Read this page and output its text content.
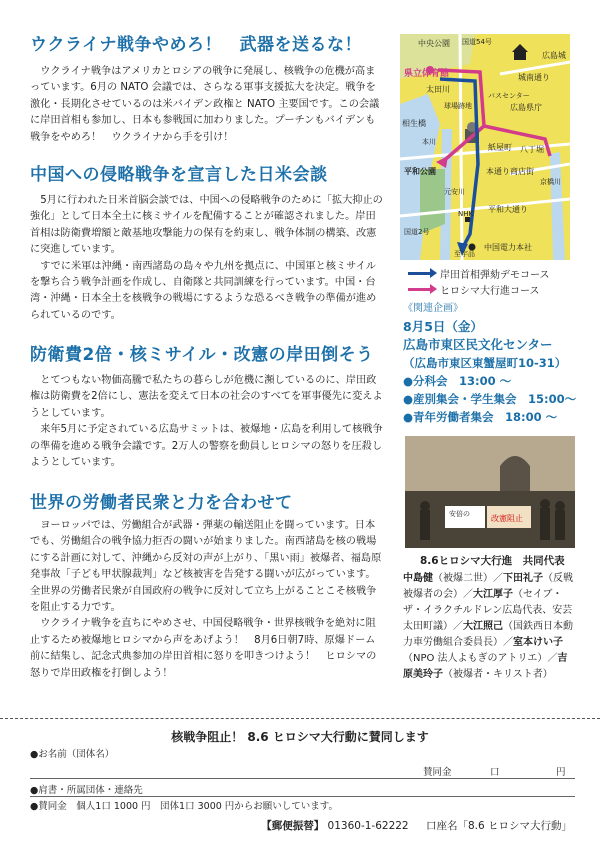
ウクライナ戦争やめろ！　武器を送るな！

ウクライナ戦争はアメリカとロシアの戦争に発展し、核戦争の危機が高まっています。6月の NATO 会議では、さらなる軍事支援拡大を決定。戦争を激化・長期化させているのは米バイデン政権と NATO 主要国です。この会議に岸田首相も参加し、日本も参戦国に加わりました。プーチンもバイデンも戦争をやめろ！　ウクライナから手を引け！

中国への侵略戦争を宣言した日米会談

5月に行われた日米首脳会談では、中国への侵略戦争のために「拡大抑止の強化」として日本全土に核ミサイルを配備することが確認されました。岸田首相は防衛費増額と敵基地攻撃能力の保有を約束し、戦争体制の構築、改憲に突進しています。

すでに米軍は沖縄・南西諸島の島々や九州を拠点に、中国軍と核ミサイルを撃ち合う戦争計画を作成し、自衛隊と共同訓練を行っています。中国・台湾・沖縄・日本全土を核戦争の戦場にするような恐るべき戦争の準備が進められているのです。

防衛費2倍・核ミサイル・改憲の岸田倒そう

とてつもない物価高騰で私たちの暮らしが危機に瀕しているのに、岸田政権は防衛費を2倍にし、憲法を変えて日本の社会のすべてを軍事優先に変えようとしています。

来年5月に予定されている広島サミットは、被爆地・広島を利用して核戦争の準備を進める戦争会議です。2万人の警察を動員しヒロシマの怒りを圧殺しようとしています。

世界の労働者民衆と力を合わせて

ヨーロッパでは、労働組合が武器・弾薬の輸送阻止を闘っています。日本でも、労働組合の戦争協力拒否の闘いが始まりました。南西諸島を核の戦場にする計画に対して、沖縄から反対の声が上がり、「黒い雨」被爆者、福島原発事故「子ども甲状腺裁判」など核被害を告発する闘いが広がっています。全世界の労働者民衆が自国政府の戦争に反対して立ち上がることこそ核戦争を阻止する力です。

ウクライナ戦争を直ちにやめさせ、中国侵略戦争・世界核戦争を絶対に阻止するため被爆地ヒロシマから声をあげよう！　8月6日朝7時、原爆ドーム前に結集し、記念式典参加の岸田首相に怒りを叩きつけよう！　ヒロシマの怒りで岸田政権を打倒しよう！

中央公園
広島城
城南通り
県立体育館
太田川
広島県庁
相生橋
八丁堀
紙屋町
平和公園	本通り商店街
NHK 平和大通り
中国電力本社
至宇品
球場跡地
バスセンター
本川
元安川
国道54号
国道2号
京橋川
岸田首相弾劾デモコース
ヒロシマ大行進コース
《関連企画》
8月5日（金）
広島市東区民文化センター
（広島市東区東蟹屋町10-31）
●分科会　13:00 ～
●産別集会・学生集会　15:00～
●青年労働者集会　18:00 ～
安倍の	改憲阻止
8.6ヒロシマ大行進　共同代表
中島健（被爆二世）／下田礼子（反戦被爆者の会）／大江厚子（セイブ・ザ・イラクチルドレン広島代表、安芸太田町議）／大江照己（国鉄西日本動力車労働組合委員長）／室本けい子（NPO 法人よもぎのアトリエ）／吉原美玲子（被爆者・キリスト者）
核戦争阻止！ 8.6 ヒロシマ大行動に賛同します
●お名前（団体名）
賛同金	口	円
●肩書・所属団体・連絡先
●賛同金　個人1口 1000 円　団体1口 3000 円からお願いしています。
【郵便振替】 01360-1-62222 口座名「8.6 ヒロシマ大行動」
